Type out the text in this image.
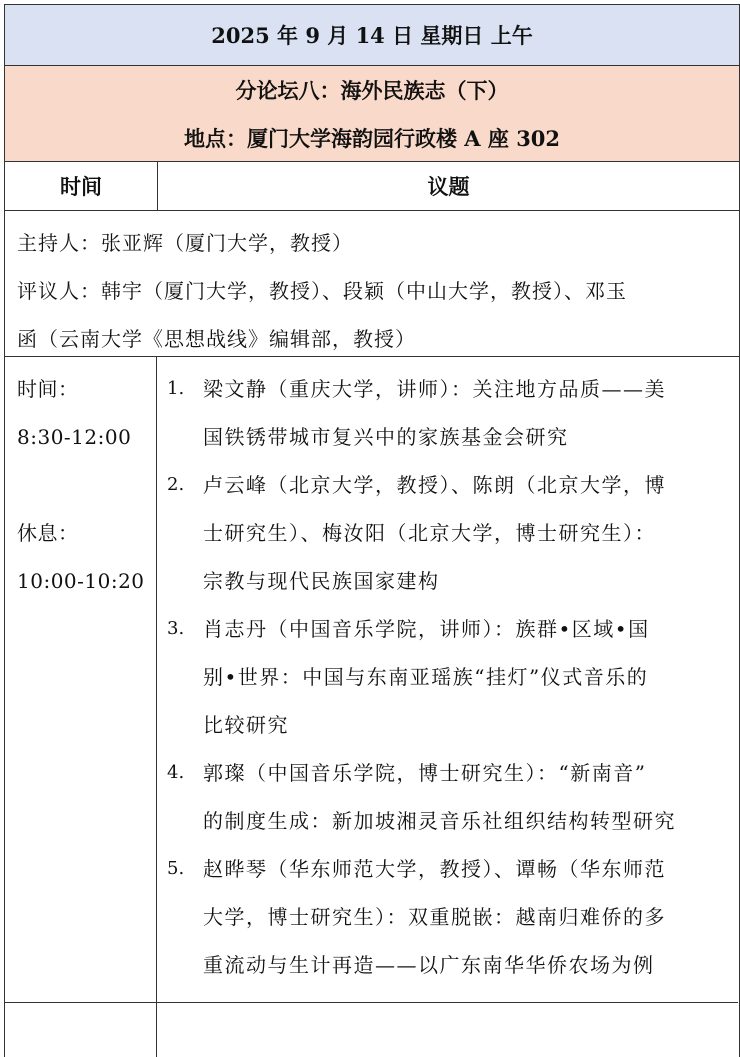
2025 年 9 月 14 日 星期日 上午
分论坛八：海外民族志（下）
地点：厦门大学海韵园行政楼 A 座 302
时间	议题
主持人：张亚辉（厦门大学，教授）
评议人：韩宇（厦门大学，教授）、段颖（中山大学，教授）、邓玉
函（云南大学《思想战线》编辑部，教授）
时间：
8:30-12:00
休息：
10:00-10:20
1. 梁文静（重庆大学，讲师）：关注地方品质——美
国铁锈带城市复兴中的家族基金会研究
2. 卢云峰（北京大学，教授）、陈朗（北京大学，博
士研究生）、梅汝阳（北京大学，博士研究生）：
宗教与现代民族国家建构
3. 肖志丹（中国音乐学院，讲师）：族群•区域•国
别•世界：中国与东南亚瑶族“挂灯”仪式音乐的
比较研究
4. 郭璨（中国音乐学院，博士研究生）：“新南音”
的制度生成：新加坡湘灵音乐社组织结构转型研究
5. 赵晔琴（华东师范大学，教授）、谭畅（华东师范
大学，博士研究生）：双重脱嵌：越南归难侨的多
重流动与生计再造——以广东南华华侨农场为例
